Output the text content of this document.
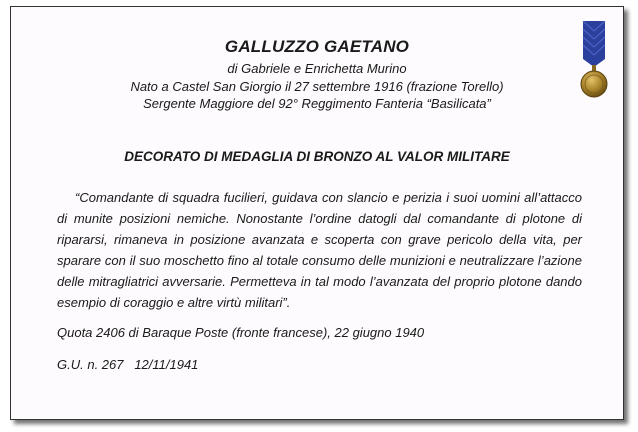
GALLUZZO GAETANO
di Gabriele e Enrichetta Murino
Nato a Castel San Giorgio il 27 settembre 1916 (frazione Torello)
Sergente Maggiore del 92° Reggimento Fanteria “Basilicata”
DECORATO DI MEDAGLIA DI BRONZO AL VALOR MILITARE
“Comandante di squadra fucilieri, guidava con slancio e perizia i suoi uomini all’attacco di munite posizioni nemiche. Nonostante l’ordine datogli dal comandante di plotone di ripararsi, rimaneva in posizione avanzata e scoperta con grave pericolo della vita, per sparare con il suo moschetto fino al totale consumo delle munizioni e neutralizzare l’azione delle mitragliatrici avversarie. Permetteva in tal modo l’avanzata del proprio plotone dando esempio di coraggio e altre virtù militari”.
Quota 2406 di Baraque Poste (fronte francese), 22 giugno 1940
G.U. n. 267   12/11/1941
